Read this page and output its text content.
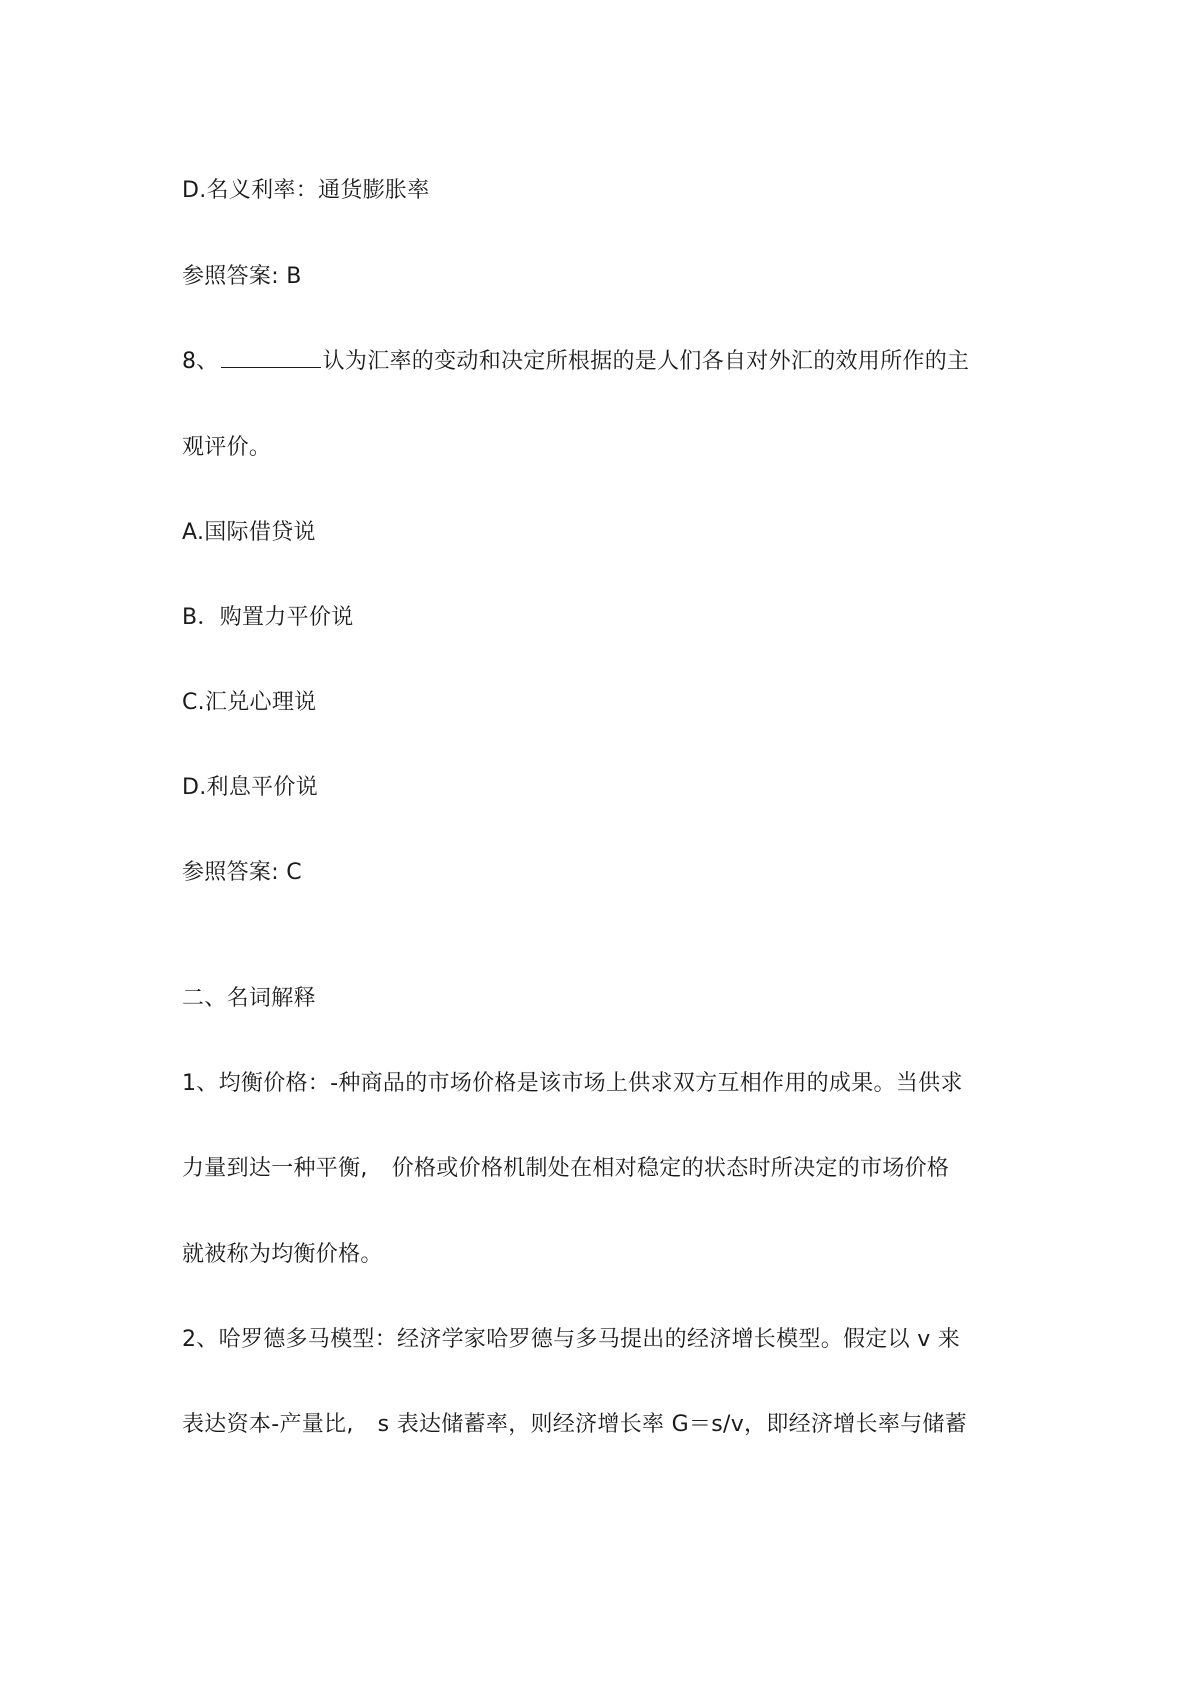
D.名义利率：通货膨胀率
参照答案: B
8、	认为汇率的变动和决定所根据的是人们各自对外汇的效用所作的主
观评价。
A.国际借贷说
B．购置力平价说
C.汇兑心理说
D.利息平价说
参照答案: C
二、名词解释
1、均衡价格：-种商品的市场价格是该市场上供求双方互相作用的成果。当供求
力量到达一种平衡, 价格或价格机制处在相对稳定的状态时所决定的市场价格
就被称为均衡价格。
2、哈罗德多马模型：经济学家哈罗德与多马提出的经济增长模型。假定以 v 来
表达资本-产量比, s 表达储蓄率，则经济增长率 G＝s/v，即经济增长率与储蓄
